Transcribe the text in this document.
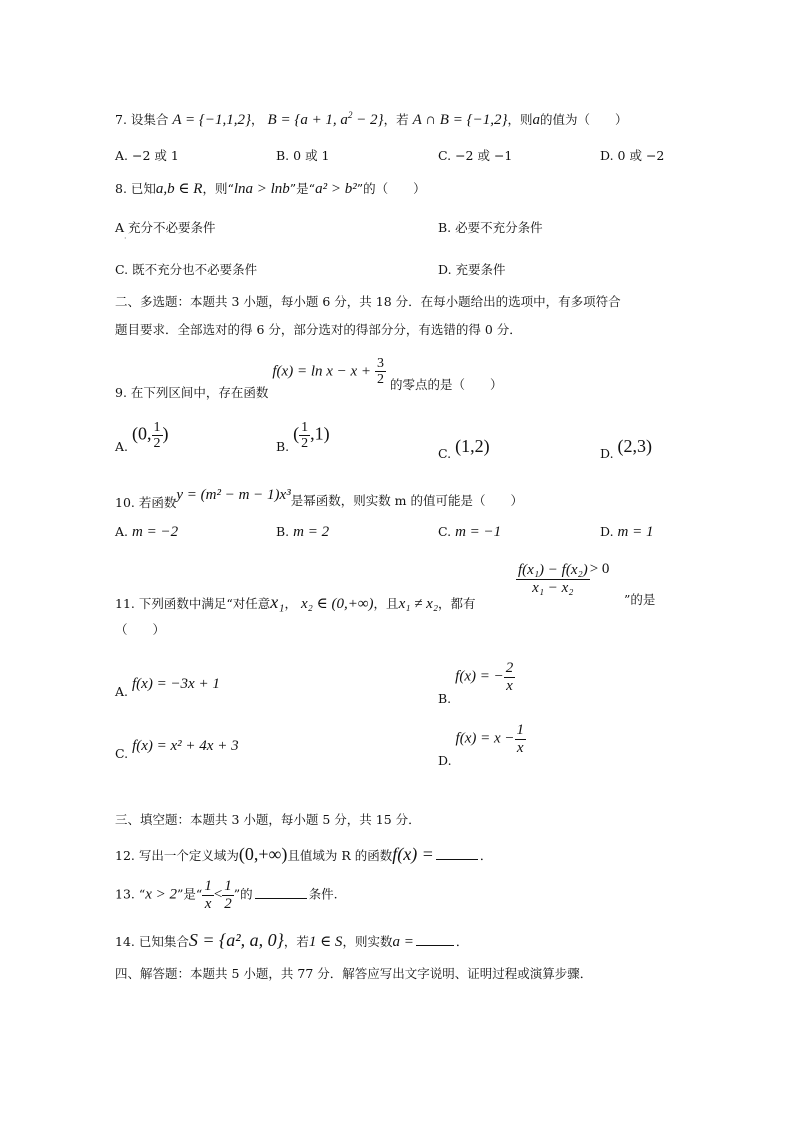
7. 设集合 A = {−1,1,2}， B = {a + 1, $a^2 - 2$}，若 A ∩ B = {−1,2}，则a的值为（　　）
A. −2 或 1	B. 0 或 1	C. −2 或 −1	D. 0 或 −2
8. 已知a,b ∈ R，则“lna > lnb”是“a² > b²”的（　　）
A 充分不必要条件
·
B. 必要不充分条件
C. 既不充分也不必要条件	D. 充要条件
二、多选题：本题共 3 小题，每小题 6 分，共 18 分．在每小题给出的选项中，有多项符合
题目要求．全部选对的得 6 分，部分选对的得部分分，有选错的得 0 分．
9. 在下列区间中，存在函数 $f(x) = \ln x - x + \frac{3}{2}$ 的零点的是（　　）
A. (0, $\frac{1}{2}$ )
B. ( $\frac{1}{2} ,1$)
C. (1,2)	D. (2,3)
10. 若函数y = (m² − m − 1)x³是幂函数，则实数 m 的值可能是（　　）
A. m = −2	B. m = 2	C. m = −1	D. m = 1
11. 下列函数中满足“对任意x₁， x₂ ∈ (0,+∞)，且x₁ ≠ x₂，都有
$\frac{\text{f(x₁) − f(x₂)}}{\text{x₁ − x₂}} > 0$
”的是
（　　）
A. f(x) = −3x + 1
B. f(x) = − $\frac{2}{x}$
C. f(x) = x² + 4x + 3
D. $f(x) = x - \frac{1}{x}$
三、填空题：本题共 3 小题，每小题 5 分，共 15 分．
12. 写出一个定义域为(0,+∞)且值域为 R 的函数f(x) =	．
13. “x > 2”是“ $\frac{1}{x} < \frac{1}{2}$ ”的	条件.
14. 已知集合S = {a², a, 0}，若1 ∈ S，则实数a =	．
四、解答题：本题共 5 小题，共 77 分．解答应写出文字说明、证明过程或演算步骤．
